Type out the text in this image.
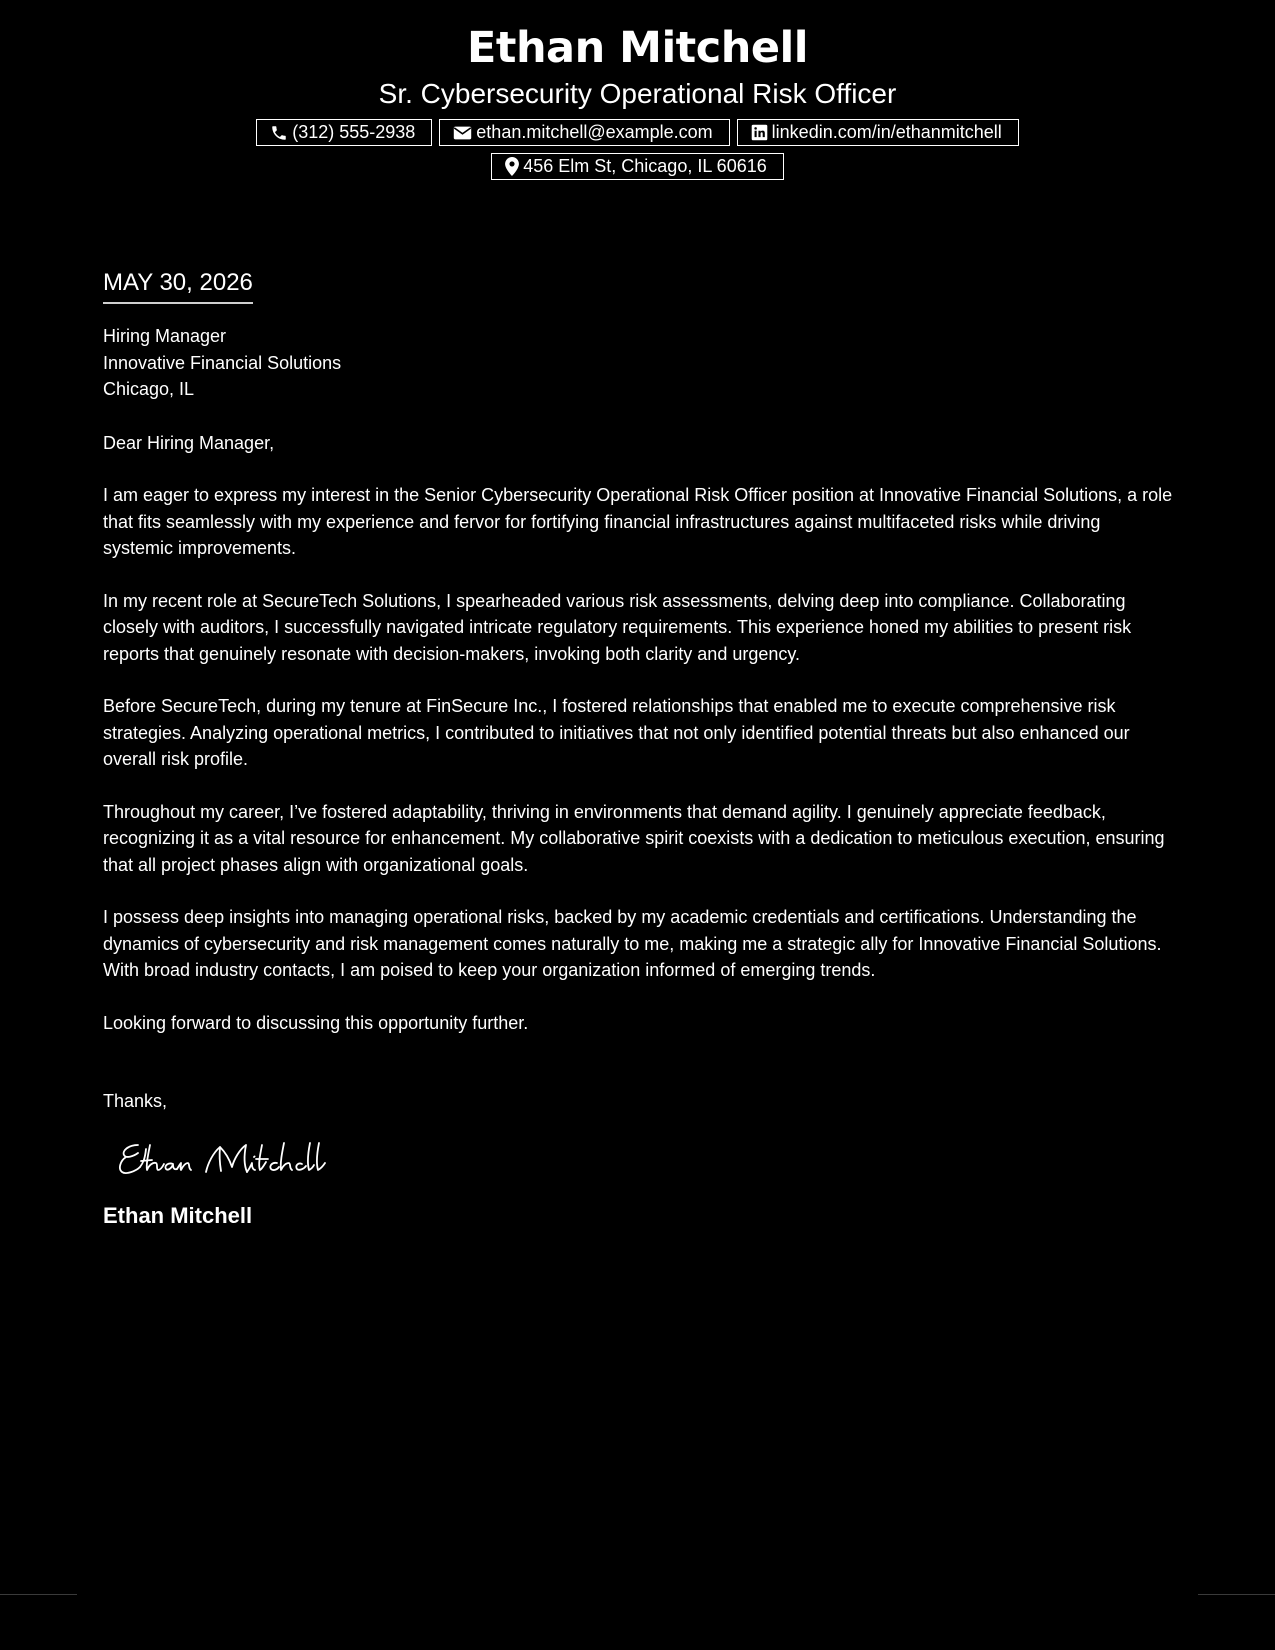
Ethan Mitchell
Sr. Cybersecurity Operational Risk Officer
(312) 555-2938	ethan.mitchell@example.com	linkedin.com/in/ethanmitchell
456 Elm St, Chicago, IL 60616
MAY 30, 2026
Hiring Manager
Innovative Financial Solutions
Chicago, IL
Dear Hiring Manager,

I am eager to express my interest in the Senior Cybersecurity Operational Risk Officer position at Innovative Financial Solutions, a role that fits seamlessly with my experience and fervor for fortifying financial infrastructures against multifaceted risks while driving systemic improvements.

In my recent role at SecureTech Solutions, I spearheaded various risk assessments, delving deep into compliance. Collaborating closely with auditors, I successfully navigated intricate regulatory requirements. This experience honed my abilities to present risk reports that genuinely resonate with decision-makers, invoking both clarity and urgency.

Before SecureTech, during my tenure at FinSecure Inc., I fostered relationships that enabled me to execute comprehensive risk strategies. Analyzing operational metrics, I contributed to initiatives that not only identified potential threats but also enhanced our overall risk profile.

Throughout my career, I’ve fostered adaptability, thriving in environments that demand agility. I genuinely appreciate feedback, recognizing it as a vital resource for enhancement. My collaborative spirit coexists with a dedication to meticulous execution, ensuring that all project phases align with organizational goals.

I possess deep insights into managing operational risks, backed by my academic credentials and certifications. Understanding the dynamics of cybersecurity and risk management comes naturally to me, making me a strategic ally for Innovative Financial Solutions. With broad industry contacts, I am poised to keep your organization informed of emerging trends.

Looking forward to discussing this opportunity further.

Thanks,
Ethan Mitchell
